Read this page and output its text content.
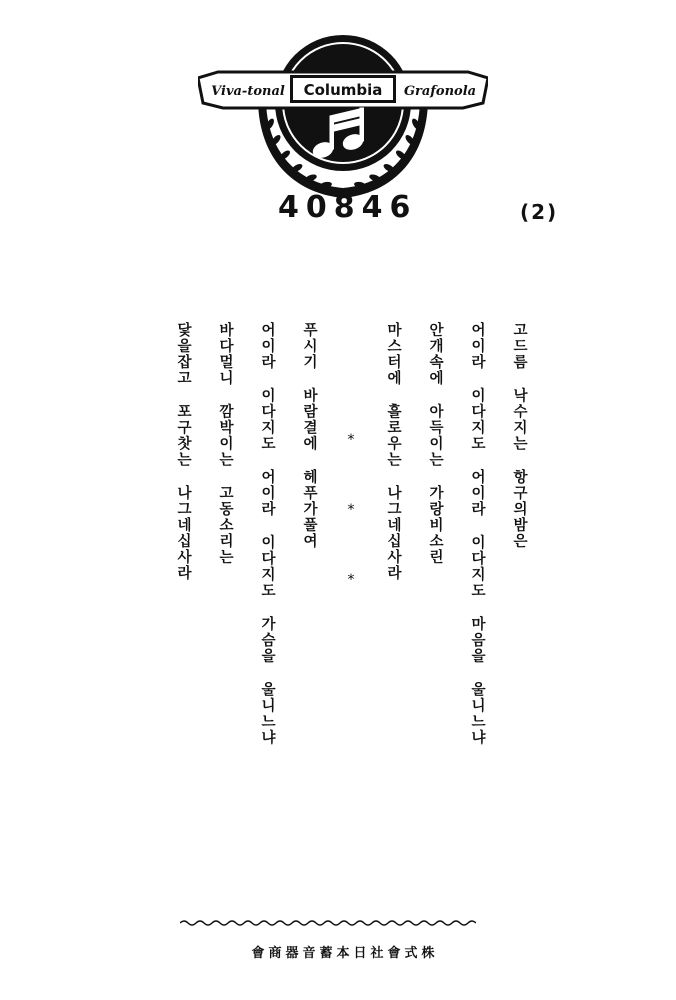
Viva-tonal Columbia Grafonola
40846	(2)
고드름 낙수지는 항구의밤은
어이라 이다지도 어이라 이다지도 마음을 울니느냐
안개속에 아득이는 가랑비소린
마스터에 흘로우는 나그네십사라
*   *   *
푸시기 바람결에 헤푸가풀여
어이라 이다지도 어이라 이다지도 가슴을 울니느냐
바다멀니 깜박이는 고동소리는
닻을잡고 포구찻는 나그네십사라
會商器音蓄本日社會式株
